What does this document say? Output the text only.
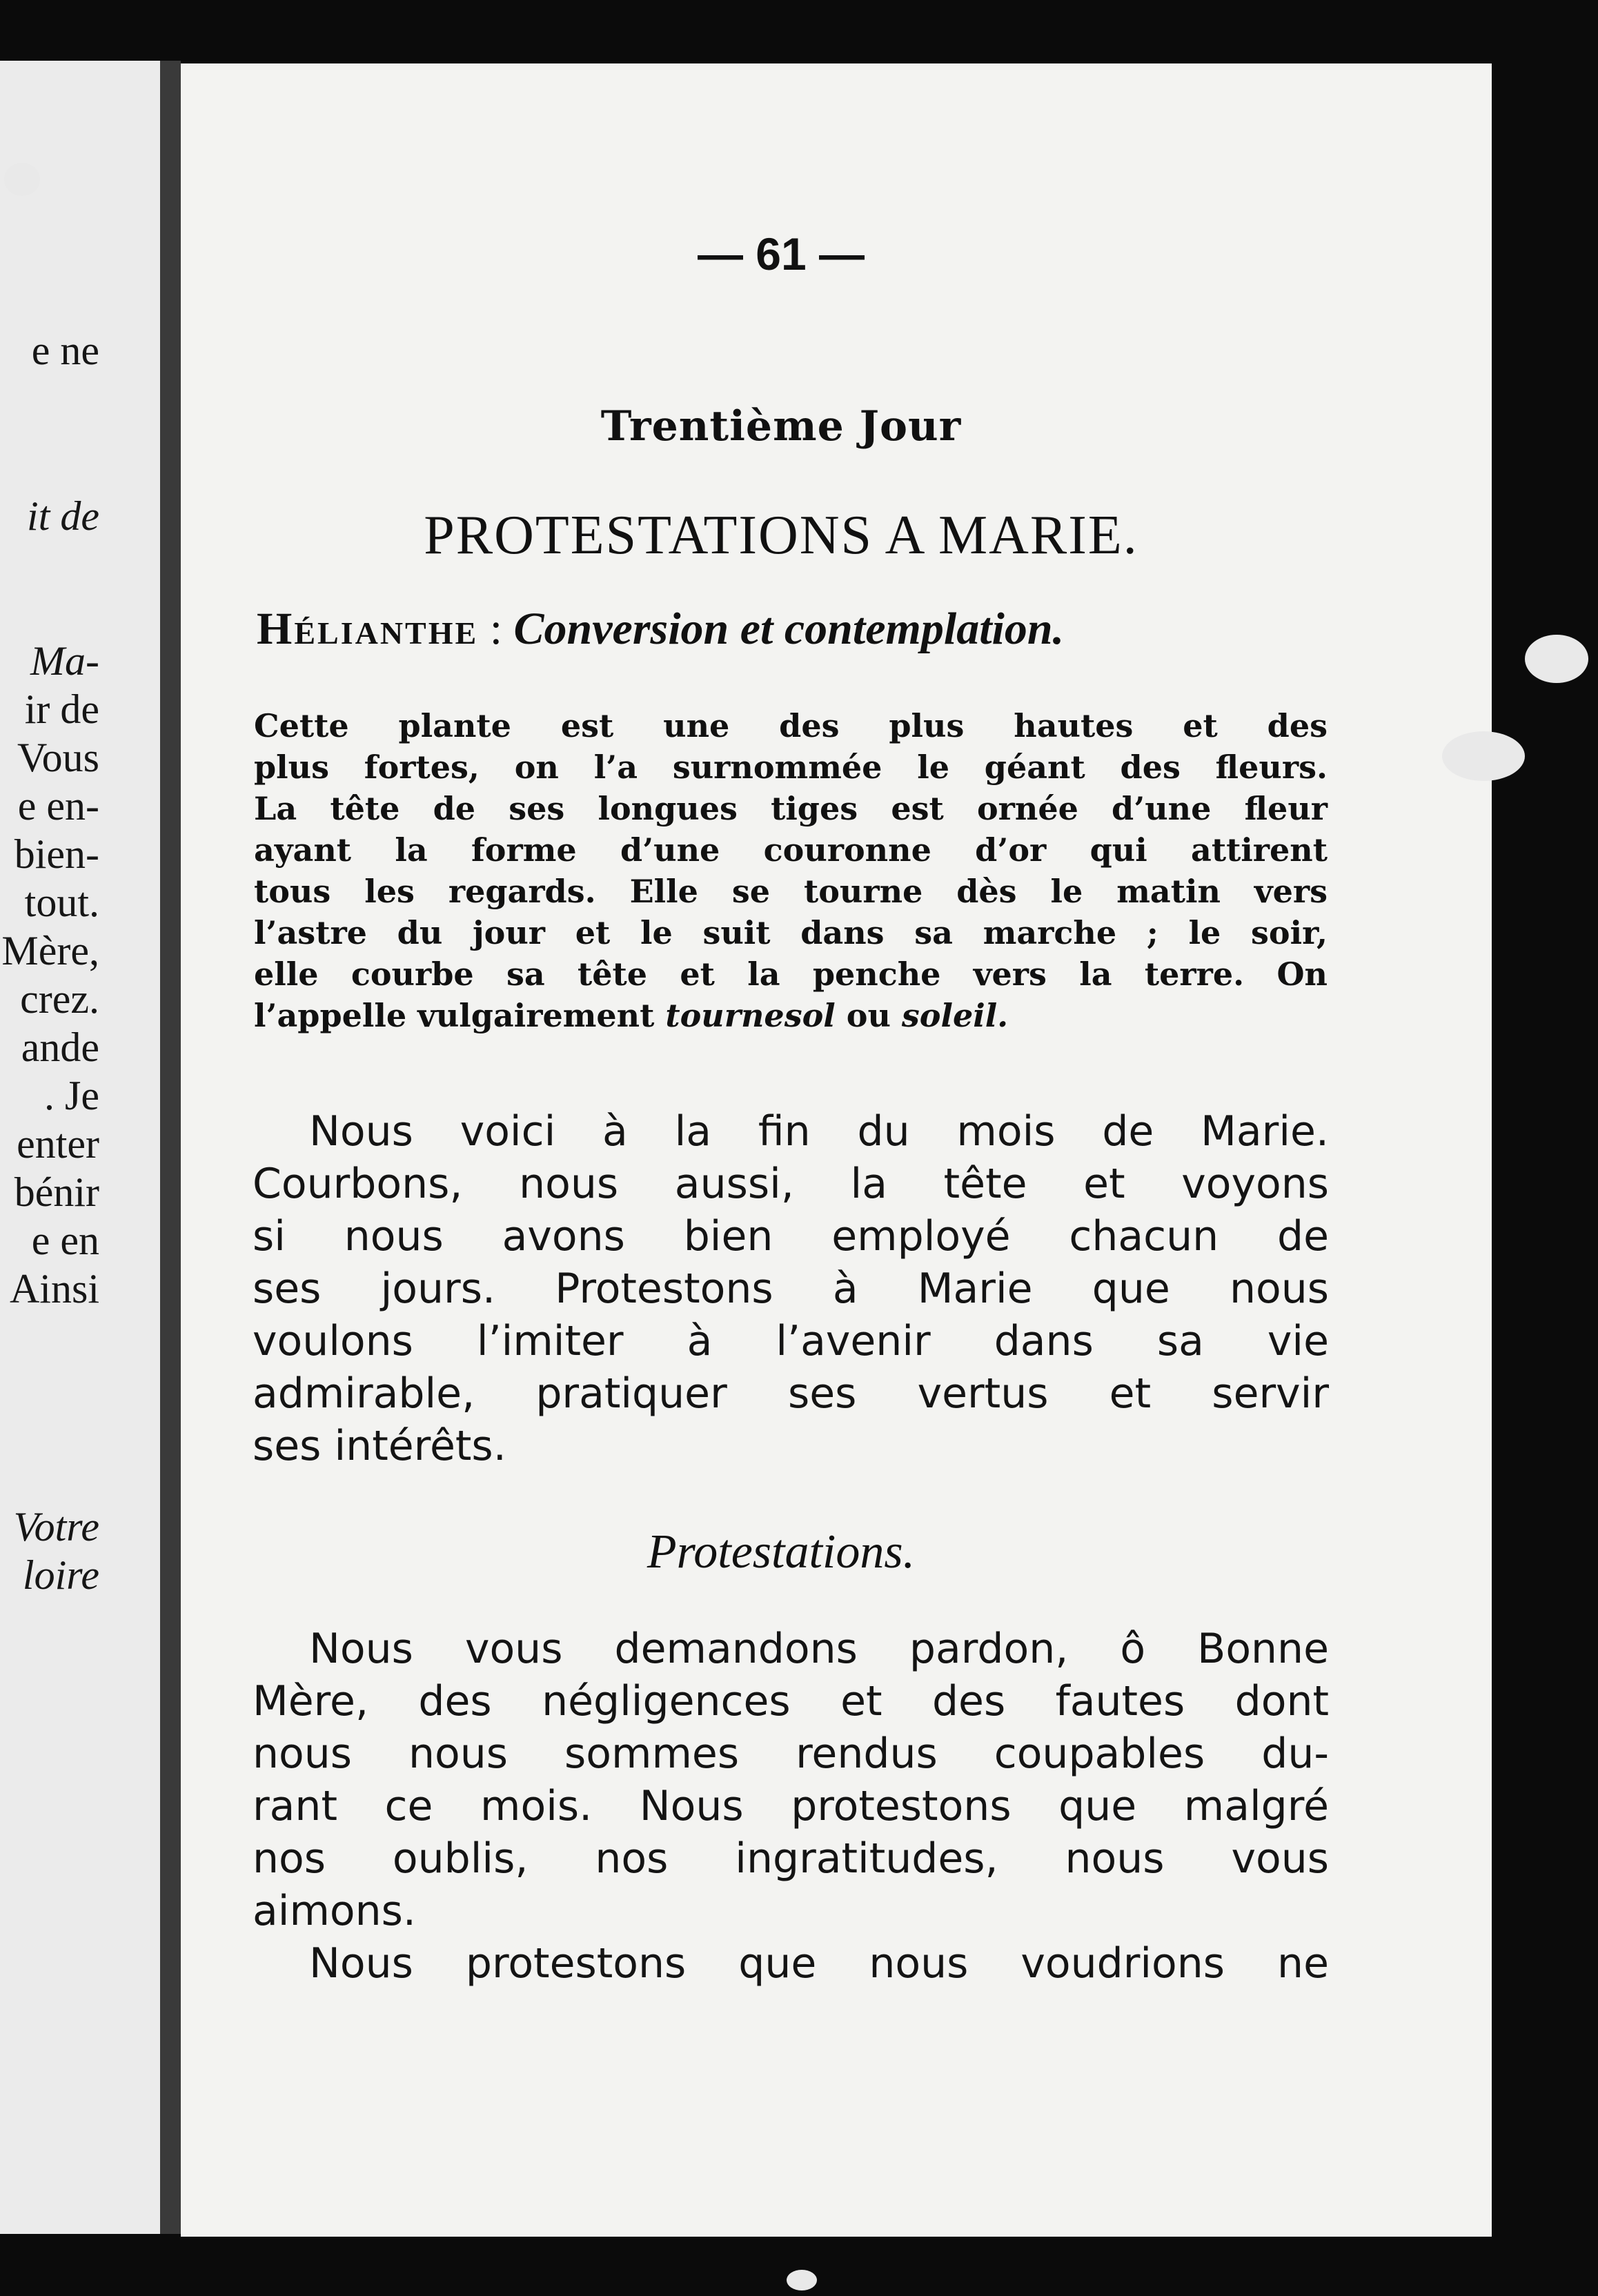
e ne

it de

Ma-

ir de

Vous

e en-

bien-

tout.

Mère,

crez.

ande

. Je

enter

bénir

e en

Ainsi

Votre

loire

— 61 —

Trentième Jour

PROTESTATIONS A MARIE.

Hélianthe : Conversion et contemplation.

Cette plante est une des plus hautes et des
plus fortes, on l’a surnommée le géant des fleurs.
La tête de ses longues tiges est ornée d’une fleur
ayant la forme d’une couronne d’or qui attirent
tous les regards. Elle se tourne dès le matin vers
l’astre du jour et le suit dans sa marche ; le soir,
elle courbe sa tête et la penche vers la terre. On
l’appelle vulgairement tournesol ou soleil.
Nous voici à la fin du mois de Marie.
Courbons, nous aussi, la tête et voyons
si nous avons bien employé chacun de
ses jours. Protestons à Marie que nous
voulons l’imiter à l’avenir dans sa vie
admirable, pratiquer ses vertus et servir
ses intérêts.

Protestations.

Nous vous demandons pardon, ô Bonne
Mère, des négligences et des fautes dont
nous nous sommes rendus coupables du-
rant ce mois. Nous protestons que malgré
nos oublis, nos ingratitudes, nous vous
aimons.
Nous protestons que nous voudrions ne
